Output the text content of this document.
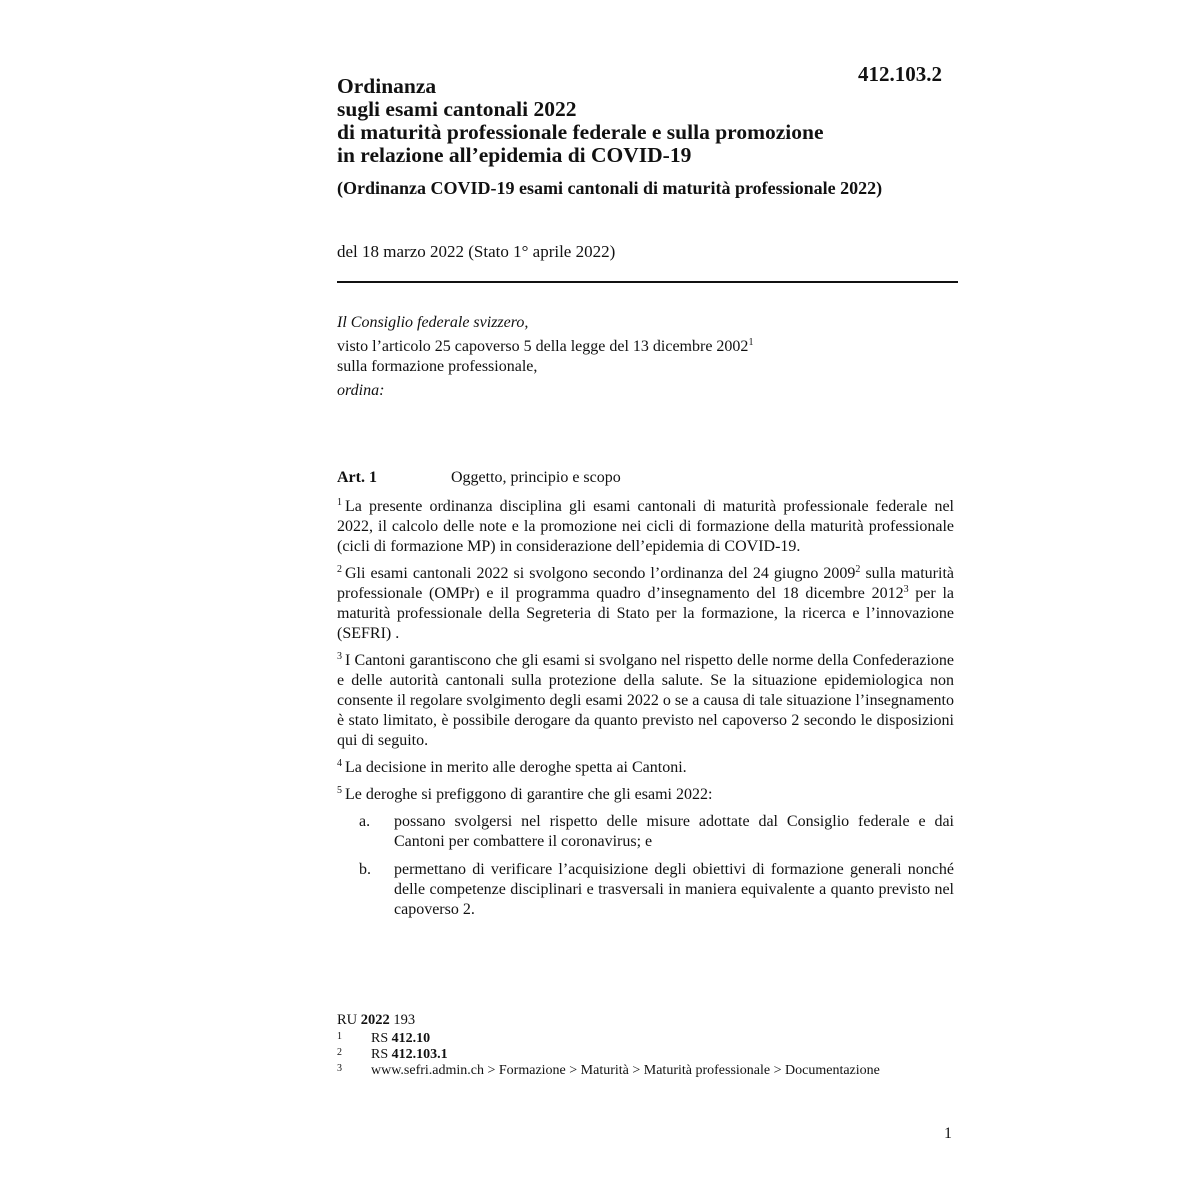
412.103.2
Ordinanza
sugli esami cantonali 2022
di maturità professionale federale e sulla promozione
in relazione all’epidemia di COVID-19
(Ordinanza COVID-19 esami cantonali di maturità professionale 2022)
del 18 marzo 2022 (Stato 1° aprile 2022)
Il Consiglio federale svizzero,
visto l’articolo 25 capoverso 5 della legge del 13 dicembre 2002$^1$
sulla formazione professionale,
ordina:
Art. 1	Oggetto, principio e scopo

$^1$ La presente ordinanza disciplina gli esami cantonali di maturità professionale federale nel 2022, il calcolo delle note e la promozione nei cicli di formazione della maturità professionale (cicli di formazione MP) in considerazione dell’epidemia di COVID-19.

$^2$ Gli esami cantonali 2022 si svolgono secondo l’ordinanza del 24 giugno 2009$^2$ sulla maturità professionale (OMPr) e il programma quadro d’insegnamento del 18 dicembre 2012$^3$ per la maturità professionale della Segreteria di Stato per la formazione, la ricerca e l’innovazione (SEFRI) .

$^3$ I Cantoni garantiscono che gli esami si svolgano nel rispetto delle norme della Confederazione e delle autorità cantonali sulla protezione della salute. Se la situazione epidemiologica non consente il regolare svolgimento degli esami 2022 o se a causa di tale situazione l’insegnamento è stato limitato, è possibile derogare da quanto previsto nel capoverso 2 secondo le disposizioni qui di seguito.

$^4$ La decisione in merito alle deroghe spetta ai Cantoni.

$^5$ Le deroghe si prefiggono di garantire che gli esami 2022:

a.	possano svolgersi nel rispetto delle misure adottate dal Consiglio federale e dai Cantoni per combattere il coronavirus; e
b.	permettano di verificare l’acquisizione degli obiettivi di formazione generali nonché delle competenze disciplinari e trasversali in maniera equivalente a quanto previsto nel capoverso 2.
RU 2022 193
1	RS 412.10
2	RS 412.103.1
3	www.sefri.admin.ch > Formazione > Maturità > Maturità professionale > Documentazione
1
